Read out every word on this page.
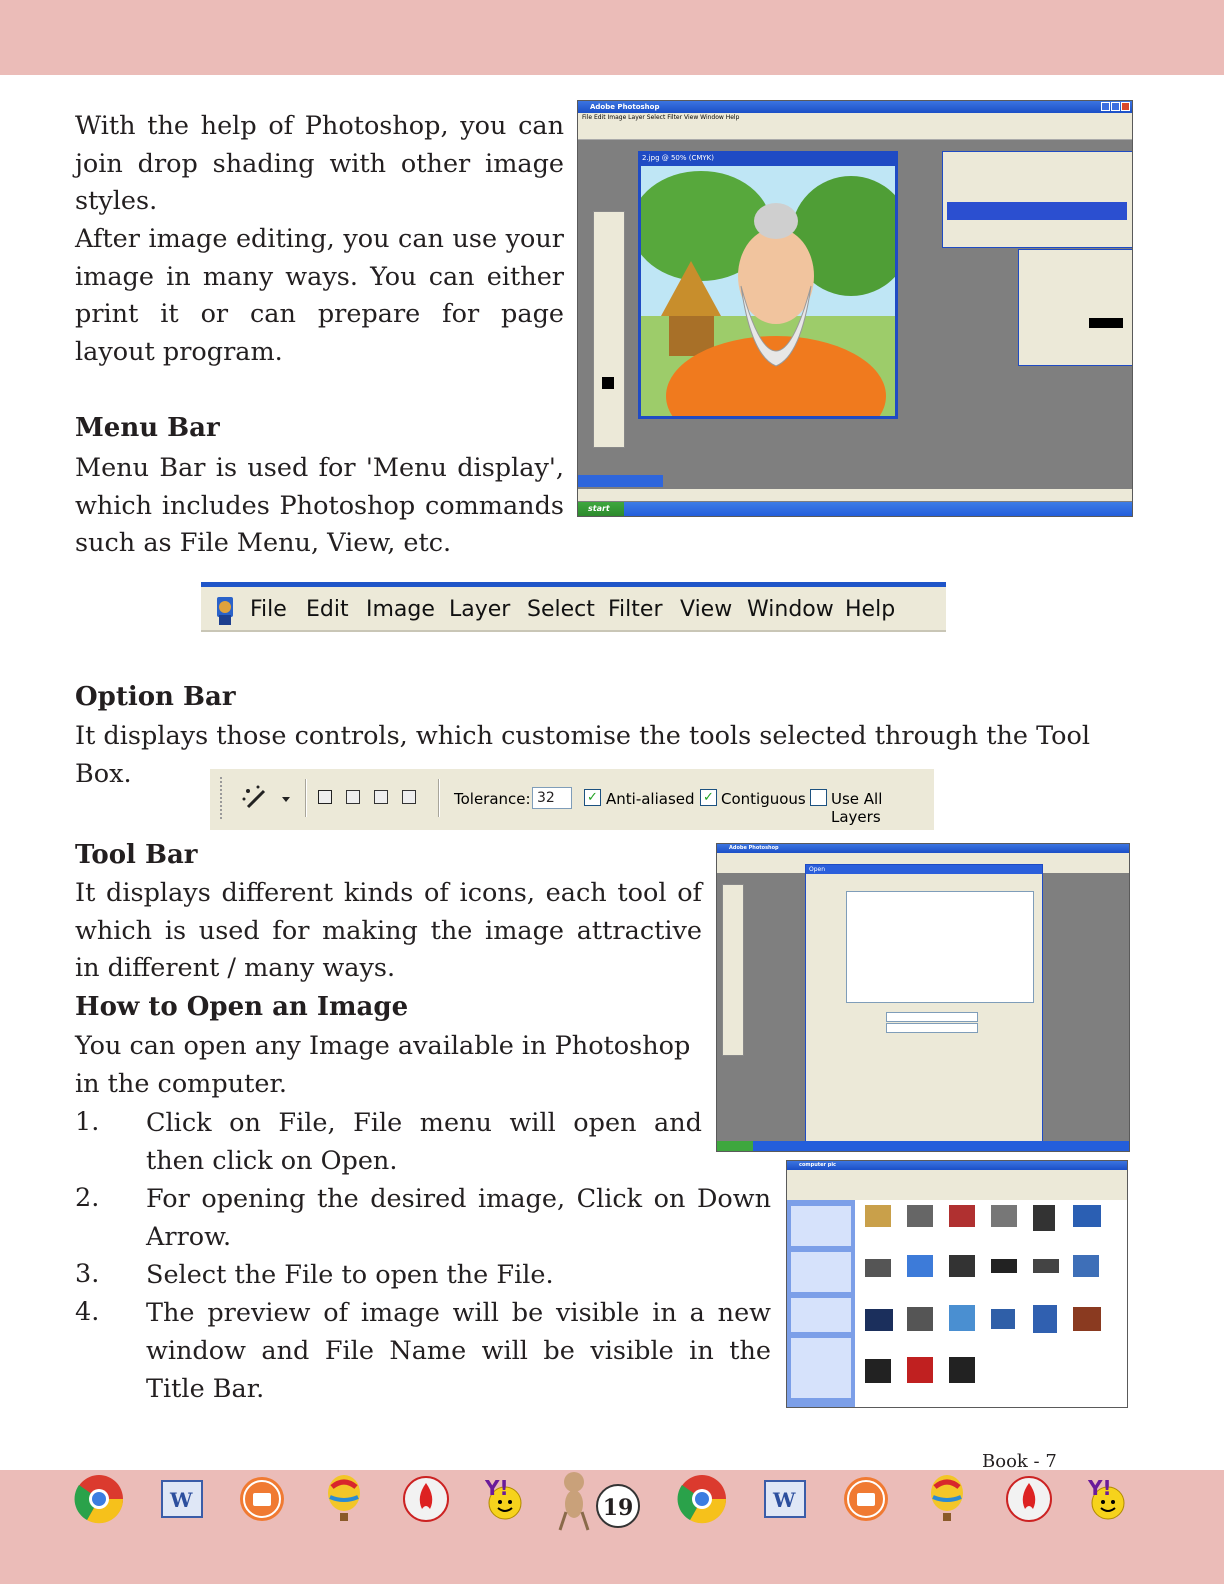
With the help of Photoshop, you can join drop shading with other image styles.

After image editing, you can use your image in many ways. You can either print it or can prepare for page layout program.

Adobe Photoshop
File Edit Image Layer Select Filter View Window Help
2.jpg @ 50% (CMYK)
start
Menu Bar

Menu Bar is used for 'Menu display', which includes Photoshop commands such as File Menu, View, etc.

File Edit Image Layer Select Filter View Window Help
Option Bar

It displays those controls, which customise the tools selected through the Tool Box.

Tolerance: 32	✓ Anti-aliased ✓ Contiguous Use All Layers
Tool Bar

It displays different kinds of icons, each tool of which is used for making the image attractive in different / many ways.

Adobe Photoshop
Open
How to Open an Image

You can open any Image available in Photoshop in the computer.

1. Click on File, File menu will open and then click on Open.

2. For opening the desired image, Click on Down Arrow.

3. Select the File to open the File.

4. The preview of image will be visible in a new window and File Name will be visible in the Title Bar.

computer pic
Book - 7
W	Y!
19	W	Y!
